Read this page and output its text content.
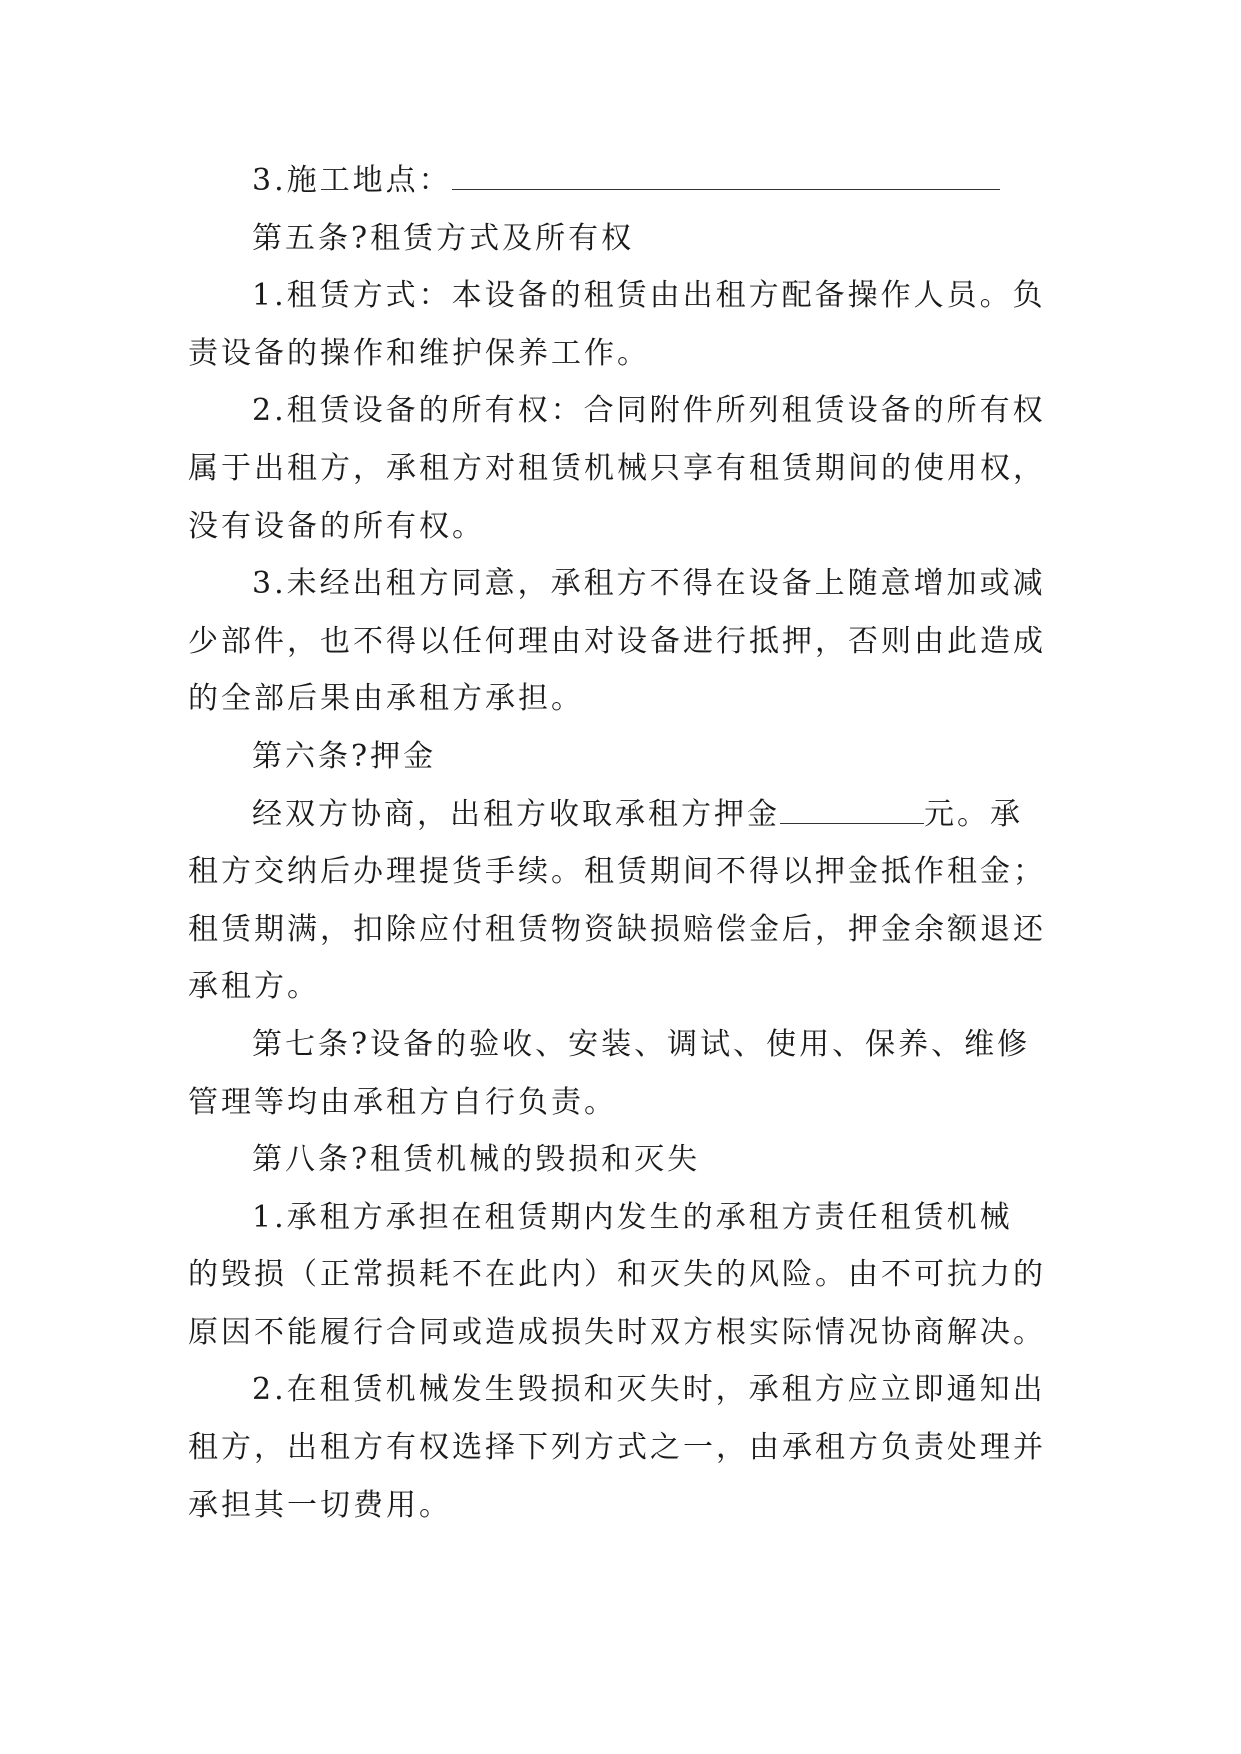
3.施工地点：
第五条?租赁方式及所有权
1.租赁方式：本设备的租赁由出租方配备操作人员。负
责设备的操作和维护保养工作。
2.租赁设备的所有权：合同附件所列租赁设备的所有权
属于出租方，承租方对租赁机械只享有租赁期间的使用权，
没有设备的所有权。
3.未经出租方同意，承租方不得在设备上随意增加或减
少部件，也不得以任何理由对设备进行抵押，否则由此造成
的全部后果由承租方承担。
第六条?押金
经双方协商，出租方收取承租方押金	元。承
租方交纳后办理提货手续。租赁期间不得以押金抵作租金；
租赁期满，扣除应付租赁物资缺损赔偿金后，押金余额退还
承租方。
第七条?设备的验收、安装、调试、使用、保养、维修
管理等均由承租方自行负责。
第八条?租赁机械的毁损和灭失
1.承租方承担在租赁期内发生的承租方责任租赁机械
的毁损（正常损耗不在此内）和灭失的风险。由不可抗力的
原因不能履行合同或造成损失时双方根实际情况协商解决。
2.在租赁机械发生毁损和灭失时，承租方应立即通知出
租方，出租方有权选择下列方式之一，由承租方负责处理并
承担其一切费用。
